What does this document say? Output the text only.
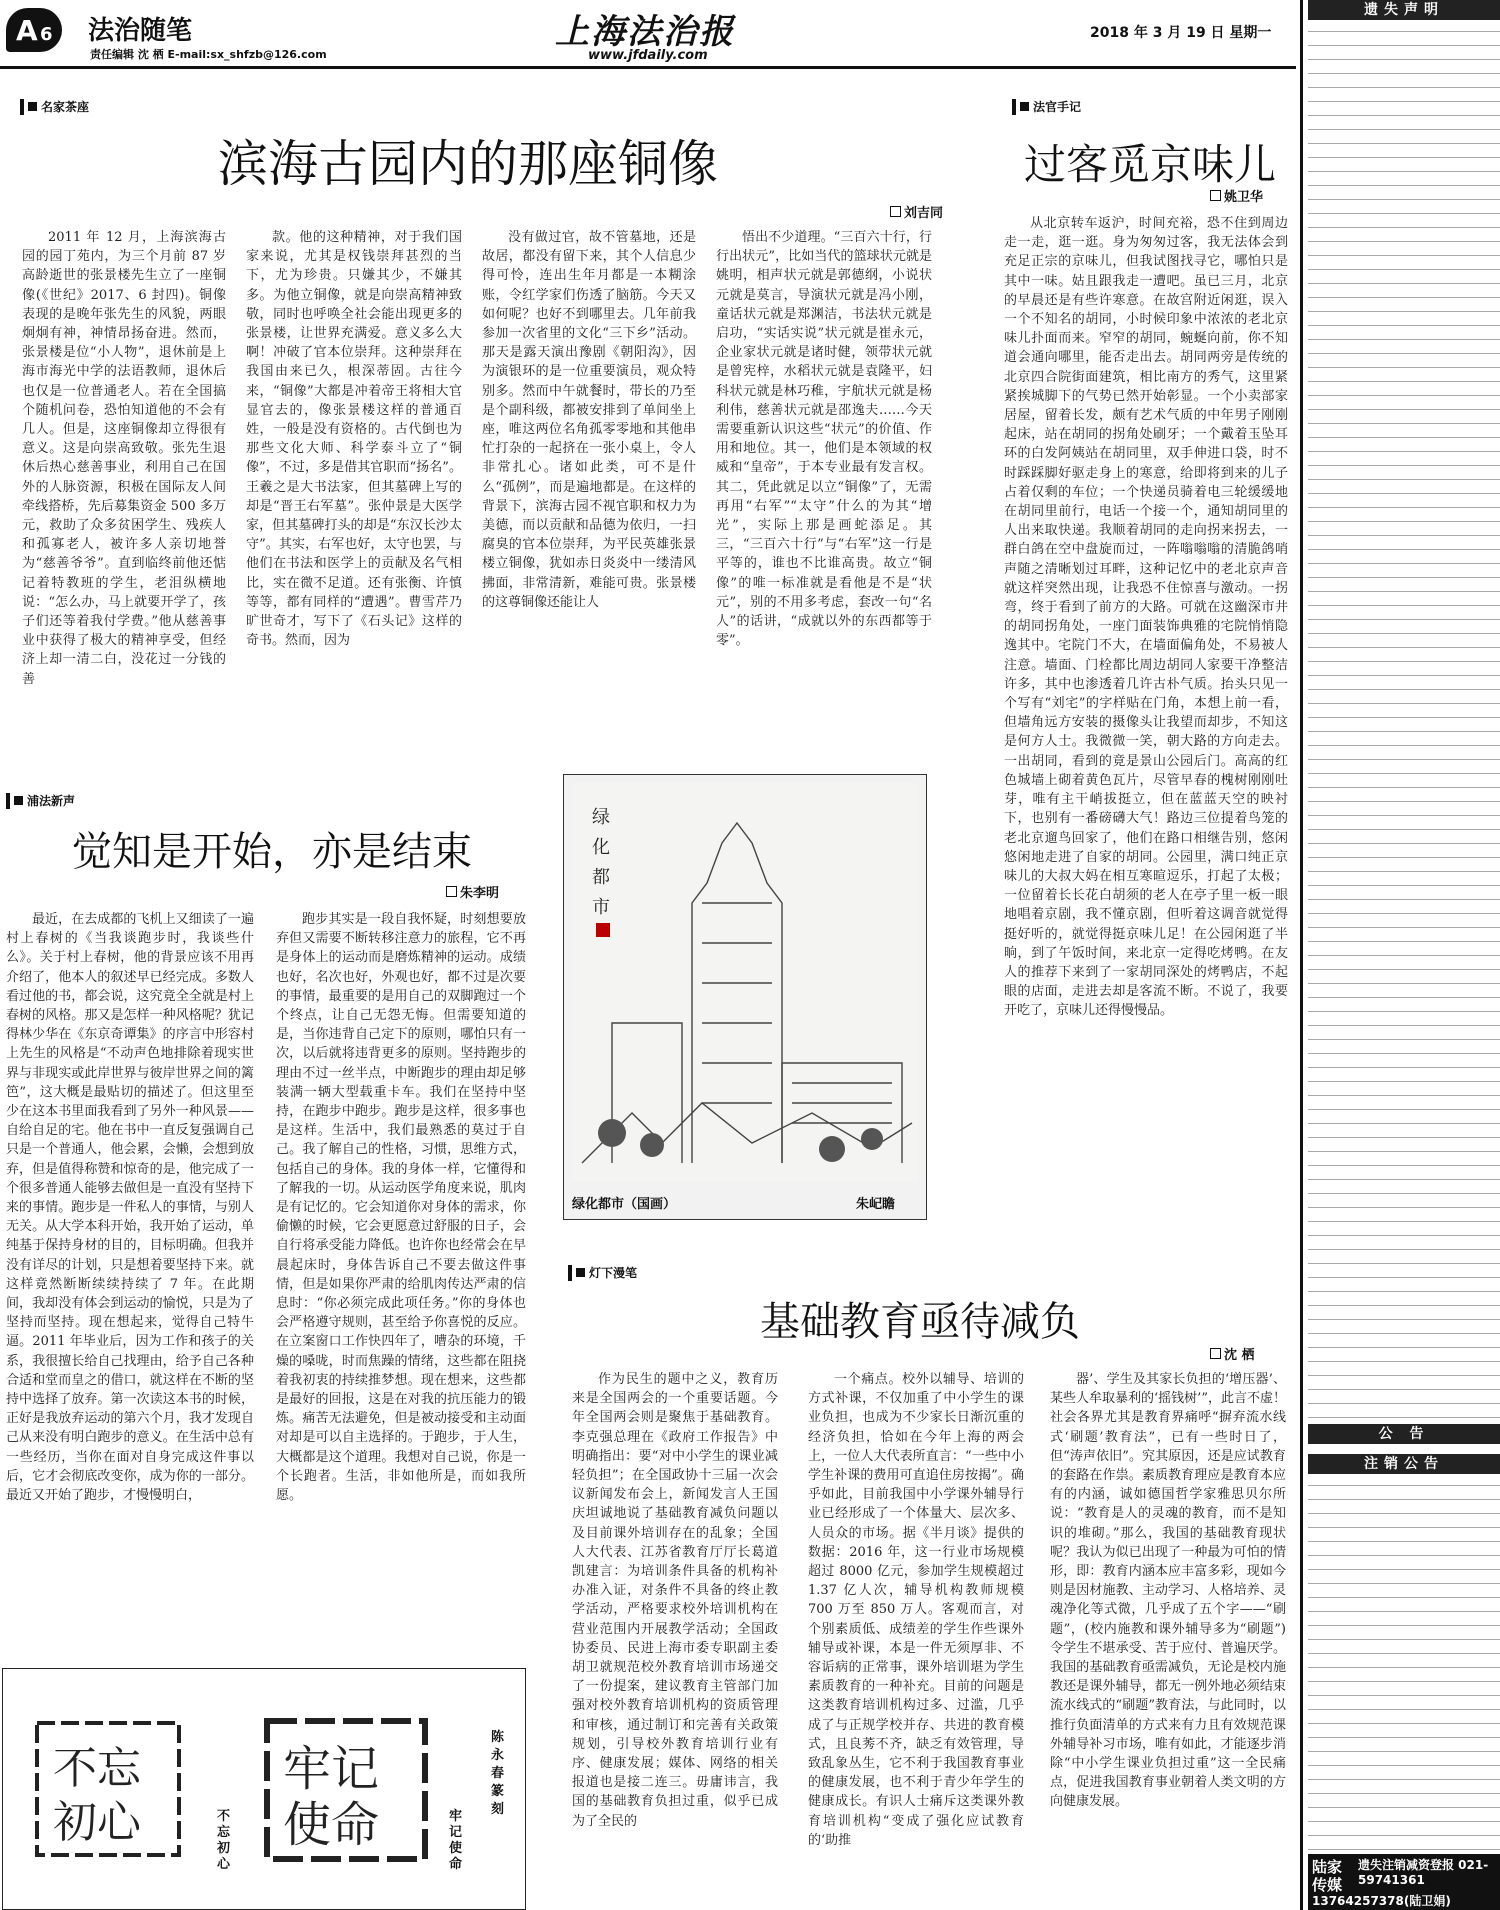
A 6 法治随笔
责任编辑 沈 栖 E-mail:sx_shfzb@126.com
上海法治报
www.jfdaily.com
2018 年 3 月 19 日 星期一
名家茶座
滨海古园内的那座铜像
刘吉同

2011 年 12 月，上海滨海古园的园丁苑内，为三个月前 87 岁高龄逝世的张景楼先生立了一座铜像(《世纪》2017、6 封四)。铜像表现的是晚年张先生的风貌，两眼炯炯有神，神情昂扬奋进。然而，张景楼是位“小人物”，退休前是上海市海光中学的法语教师，退休后也仅是一位普通老人。若在全国搞个随机问卷，恐怕知道他的不会有几人。但是，这座铜像却立得很有意义。这是向崇高致敬。张先生退休后热心慈善事业，利用自己在国外的人脉资源，积极在国际友人间牵线搭桥，先后募集资金 500 多万元，救助了众多贫困学生、残疾人和孤寡老人，被许多人亲切地誉为“慈善爷爷”。直到临终前他还惦记着特教班的学生，老泪纵横地说：“怎么办，马上就要开学了，孩子们还等着我付学费。”他从慈善事业中获得了极大的精神享受，但经济上却一清二白，没花过一分钱的善

款。他的这种精神，对于我们国家来说，尤其是权钱崇拜甚烈的当下，尤为珍贵。只嫌其少，不嫌其多。为他立铜像，就是向崇高精神致敬，同时也呼唤全社会能出现更多的张景楼，让世界充满爱。意义多么大啊！冲破了官本位崇拜。这种崇拜在我国由来已久，根深蒂固。古往今来，“铜像”大都是冲着帝王将相大官显官去的，像张景楼这样的普通百姓，一般是没有资格的。古代倒也为那些文化大师、科学泰斗立了“铜像”，不过，多是借其官职而“扬名”。王羲之是大书法家，但其墓碑上写的却是“晋王右军墓”。张仲景是大医学家，但其墓碑打头的却是“东汉长沙太守”。其实，右军也好，太守也罢，与他们在书法和医学上的贡献及名气相比，实在微不足道。还有张衡、许慎等等，都有同样的“遭遇”。曹雪芹乃旷世奇才，写下了《石头记》这样的奇书。然而，因为

没有做过官，故不管墓地，还是故居，都没有留下来，其个人信息少得可怜，连出生年月都是一本糊涂账，令红学家们伤透了脑筋。今天又如何呢？也好不到哪里去。几年前我参加一次省里的文化“三下乡”活动。那天是露天演出豫剧《朝阳沟》，因为演银环的是一位重要演员，观众特别多。然而中午就餐时，带长的乃至是个副科级，都被安排到了单间坐上座，唯这两位名角孤零零地和其他串忙打杂的一起挤在一张小桌上，令人非常扎心。诸如此类，可不是什么“孤例”，而是遍地都是。在这样的背景下，滨海古园不视官职和权力为美德，而以贡献和品德为依归，一扫腐臭的官本位崇拜，为平民英雄张景楼立铜像，犹如赤日炎炎中一缕清风拂面，非常清新，难能可贵。张景楼的这尊铜像还能让人

悟出不少道理。“三百六十行，行行出状元”，比如当代的篮球状元就是姚明，相声状元就是郭德纲，小说状元就是莫言，导演状元就是冯小刚，童话状元就是郑渊洁，书法状元就是启功，“实话实说”状元就是崔永元，企业家状元就是诸时健，领带状元就是曾宪梓，水稻状元就是袁隆平，妇科状元就是林巧稚，宇航状元就是杨利伟，慈善状元就是邵逸夫……今天需要重新认识这些“状元”的价值、作用和地位。其一，他们是本领域的权威和“皇帝”，于本专业最有发言权。其二，凭此就足以立“铜像”了，无需再用“右军”“太守”什么的为其“增光”，实际上那是画蛇添足。其三，“三百六十行”与“右军”这一行是平等的，谁也不比谁高贵。故立“铜像”的唯一标准就是看他是不是“状元”，别的不用多考虑，套改一句“名人”的话讲，“成就以外的东西都等于零”。

法官手记
过客觅京味儿
姚卫华

从北京转车返沪，时间充裕，恐不住到周边走一走，逛一逛。身为匆匆过客，我无法体会到充足正宗的京味儿，但我试图找寻它，哪怕只是其中一味。姑且跟我走一遭吧。虽已三月，北京的早晨还是有些许寒意。在故宫附近闲逛，误入一个不知名的胡同，小时候印象中浓浓的老北京味儿扑面而来。窄窄的胡同，蜿蜒向前，你不知道会通向哪里，能否走出去。胡同两旁是传统的北京四合院街面建筑，相比南方的秀气，这里紧紧挨城脚下的气势已然开始彰显。一个小卖部家居屋，留着长发，颇有艺术气质的中年男子刚刚起床，站在胡同的拐角处刷牙；一个戴着玉坠耳环的白发阿姨站在胡同里，双手伸进口袋，时不时踩踩脚好驱走身上的寒意，给即将到来的儿子占着仅剩的车位；一个快递员骑着电三轮缓缓地在胡同里前行，电话一个接一个，通知胡同里的人出来取快递。我顺着胡同的走向拐来拐去，一群白鸽在空中盘旋而过，一阵嗡嗡嗡的清脆鸽哨声随之清晰划过耳畔，这种记忆中的老北京声音就这样突然出现，让我恐不住惊喜与激动。一拐弯，终于看到了前方的大路。可就在这幽深市井的胡同拐角处，一座门面装饰典雅的宅院悄悄隐逸其中。宅院门不大，在墙面偏角处，不易被人注意。墙面、门栓都比周边胡同人家要干净整洁许多，其中也渗透着几许古朴气质。抬头只见一个写有“刘宅”的字样贴在门角，本想上前一看，但墙角远方安装的摄像头让我望而却步，不知这是何方人士。我微微一笑，朝大路的方向走去。一出胡同，看到的竟是景山公园后门。高高的红色城墙上砌着黄色瓦片，尽管早春的槐树刚刚吐芽，唯有主干峭拔挺立，但在蓝蓝天空的映衬下，也别有一番磅礴大气！路边三位提着鸟笼的老北京遛鸟回家了，他们在路口相继告别，悠闲悠闲地走进了自家的胡同。公园里，满口纯正京味儿的大叔大妈在相互寒暄逗乐，打起了太极；一位留着长长花白胡须的老人在亭子里一板一眼地唱着京剧，我不懂京剧，但听着这调音就觉得挺好听的，就觉得挺京味儿足！在公园闲逛了半晌，到了午饭时间，来北京一定得吃烤鸭。在友人的推荐下来到了一家胡同深处的烤鸭店，不起眼的店面，走进去却是客流不断。不说了，我要开吃了，京味儿还得慢慢品。

浦法新声
觉知是开始，亦是结束
朱李明

最近，在去成都的飞机上又细读了一遍村上春树的《当我谈跑步时，我谈些什么》。关于村上春树，他的背景应该不用再介绍了，他本人的叙述早已经完成。多数人看过他的书，都会说，这究竟全全就是村上春树的风格。那又是怎样一种风格呢？犹记得林少华在《东京奇谭集》的序言中形容村上先生的风格是“不动声色地排除着现实世界与非现实或此岸世界与彼岸世界之间的篱笆”，这大概是最贴切的描述了。但这里至少在这本书里面我看到了另外一种风景——自给自足的宅。他在书中一直反复强调自己只是一个普通人，他会累，会懒，会想到放弃，但是值得称赞和惊奇的是，他完成了一个很多普通人能够去做但是一直没有坚持下来的事情。跑步是一件私人的事情，与别人无关。从大学本科开始，我开始了运动，单纯基于保持身材的目的，目标明确。但我并没有详尽的计划，只是想着要坚持下来。就这样竟然断断续续持续了 7 年。在此期间，我却没有体会到运动的愉悦，只是为了坚持而坚持。现在想起来，觉得自己特牛逼。2011 年毕业后，因为工作和孩子的关系，我很擅长给自己找理由，给予自己各种合适和堂而皇之的借口，就这样在不断的坚持中选择了放弃。第一次读这本书的时候，正好是我放弃运动的第六个月，我才发现自己从来没有明白跑步的意义。在生活中总有一些经历，当你在面对自身完成这件事以后，它才会彻底改变你，成为你的一部分。最近又开始了跑步，才慢慢明白，

跑步其实是一段自我怀疑，时刻想要放弃但又需要不断转移注意力的旅程，它不再是身体上的运动而是磨炼精神的运动。成绩也好，名次也好，外观也好，都不过是次要的事情，最重要的是用自己的双脚跑过一个个终点，让自己无怨无悔。但需要知道的是，当你违背自己定下的原则，哪怕只有一次，以后就将违背更多的原则。坚持跑步的理由不过一丝半点，中断跑步的理由却足够装满一辆大型载重卡车。我们在坚持中坚持，在跑步中跑步。跑步是这样，很多事也是这样。生活中，我们最熟悉的莫过于自己。我了解自己的性格，习惯，思维方式，包括自己的身体。我的身体一样，它懂得和了解我的一切。从运动医学角度来说，肌肉是有记忆的。它会知道你对身体的需求，你偷懒的时候，它会更愿意过舒服的日子，会自行将承受能力降低。也许你也经常会在早晨起床时，身体告诉自己不要去做这件事情，但是如果你严肃的给肌肉传达严肃的信息时：“你必须完成此项任务。”你的身体也会严格遵守规则，甚至给予你喜悦的反应。在立案窗口工作快四年了，嘈杂的环境，千燥的嗓咙，时而焦躁的情绪，这些都在阻挠着我初衷的持续推梦想。现在想来，这些都是最好的回报，这是在对我的抗压能力的锻炼。痛苦无法避免，但是被动接受和主动面对却是可以自主选择的。于跑步，于人生，大概都是这个道理。我想对自己说，你是一个长跑者。生活，非如他所是，而如我所愿。

绿
化
都
市
绿化都市（国画）	朱屺瞻
灯下漫笔
基础教育亟待减负
沈 栖

作为民生的题中之义，教育历来是全国两会的一个重要话题。今年全国两会则是聚焦于基础教育。李克强总理在《政府工作报告》中明确指出：要“对中小学生的课业减轻负担”；在全国政协十三届一次会议新闻发布会上，新闻发言人王国庆坦诚地说了基础教育减负问题以及目前课外培训存在的乱象；全国人大代表、江苏省教育厅厅长葛道凯建言：为培训条件具备的机构补办准入证，对条件不具备的终止教学活动，严格要求校外培训机构在营业范围内开展教学活动；全国政协委员、民进上海市委专职副主委胡卫就规范校外教育培训市场递交了一份提案，建议教育主管部门加强对校外教育培训机构的资质管理和审核，通过制订和完善有关政策规划，引导校外教育培训行业有序、健康发展；媒体、网络的相关报道也是接二连三。毋庸讳言，我国的基础教育负担过重，似乎已成为了全民的

一个痛点。校外以辅导、培训的方式补课，不仅加重了中小学生的课业负担，也成为不少家长日渐沉重的经济负担，恰如在今年上海的两会上，一位人大代表所直言：“一些中小学生补课的费用可直追住房按揭”。确乎如此，目前我国中小学课外辅导行业已经形成了一个体量大、层次多、人员众的市场。据《半月谈》提供的数据：2016 年，这一行业市场规模超过 8000 亿元，参加学生规模超过 1.37 亿人次，辅导机构教师规模 700 万至 850 万人。客观而言，对个别素质低、成绩差的学生作些课外辅导或补课，本是一件无须厚非、不容诟病的正常事，课外培训堪为学生素质教育的一种补充。目前的问题是这类教育培训机构过多、过滥，几乎成了与正规学校并存、共进的教育模式，且良莠不齐，缺乏有效管理，导致乱象丛生，它不利于我国教育事业的健康发展，也不利于青少年学生的健康成长。有识人士痛斥这类课外教育培训机构“变成了强化应试教育的‘助推

器’、学生及其家长负担的‘增压器’、某些人牟取暴利的‘摇钱树’”，此言不虚！社会各界尤其是教育界痛呼“摒弃流水线式‘刷题’教育法”，已有一些时日了，但“涛声依旧”。究其原因，还是应试教育的套路在作祟。素质教育理应是教育本应有的内涵，诚如德国哲学家雅思贝尔所说：“教育是人的灵魂的教育，而不是知识的堆砌。”那么，我国的基础教育现状呢？我认为似已出现了一种最为可怕的情形，即：教育内涵本应丰富多彩，现如今则是因材施教、主动学习、人格培养、灵魂净化等式微，几乎成了五个字——“刷题”，(校内施教和课外辅导多为“刷题”)令学生不堪承受、苦于应付、普遍厌学。我国的基础教育亟需减负，无论是校内施教还是课外辅导，都无一例外地必须结束流水线式的“刷题”教育法，与此同时，以推行负面清单的方式来有力且有效规范课外辅导补习市场，唯有如此，才能逐步消除“中小学生课业负担过重”这一全民痛点，促进我国教育事业朝着人类文明的方向健康发展。

不忘
初心	不忘初心
牢记
使命	牢记使命
陈永春 篆刻
遗失声明
注销公告
公 告
陆家传媒
遗失注销减资登报 021-59741361
13764257378(陆卫娟)
